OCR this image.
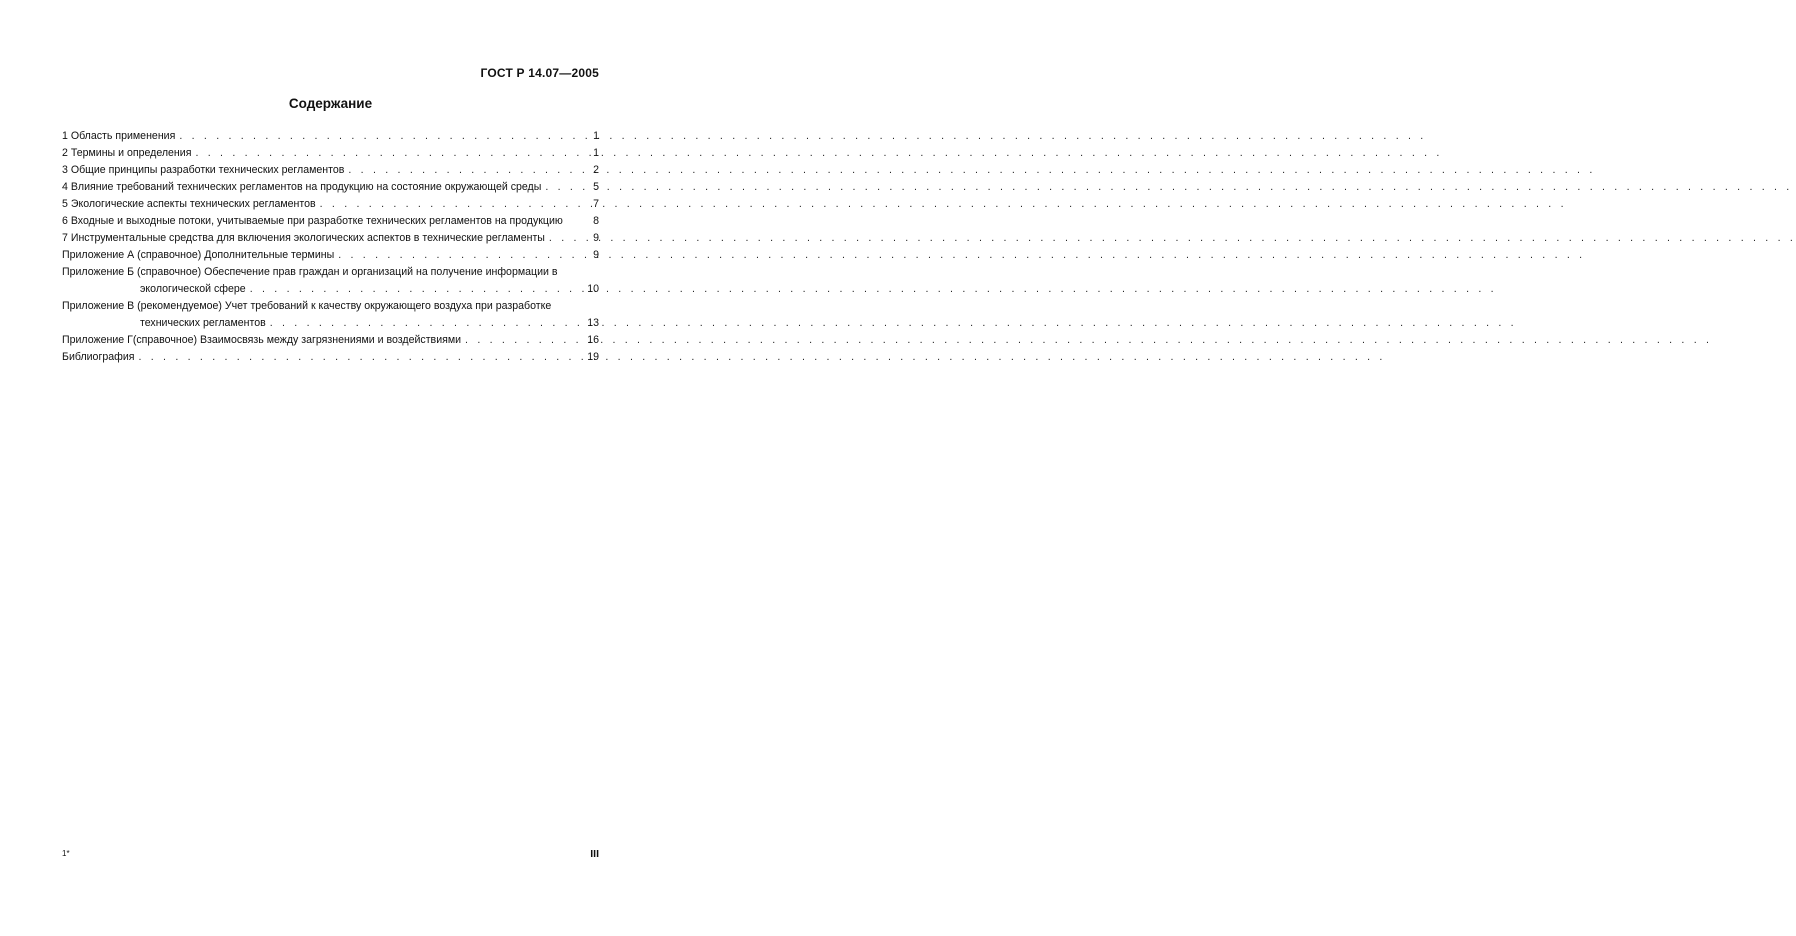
ГОСТ Р 14.07—2005
Содержание
1 Область применения . . .	1
2 Термины и определения . . .	1
3 Общие принципы разработки технических регламентов . . .	2
4 Влияние требований технических регламентов на продукцию на состояние окружающей среды . . .	5
5 Экологические аспекты технических регламентов . . .	7
6 Входные и выходные потоки, учитываемые при разработке технических регламентов на продукцию	8
7 Инструментальные средства для включения экологических аспектов в технические регламенты . . .	9
Приложение А (справочное) Дополнительные термины . . .	9
Приложение Б (справочное) Обеспечение прав граждан и организаций на получение информации в
экологической сфере . . .	10
Приложение В (рекомендуемое) Учет требований к качеству окружающего воздуха при разработке
технических регламентов . . .	13
Приложение Г(справочное) Взаимосвязь между загрязнениями и воздействиями . . .	16
Библиография . . .	19
1*	III
